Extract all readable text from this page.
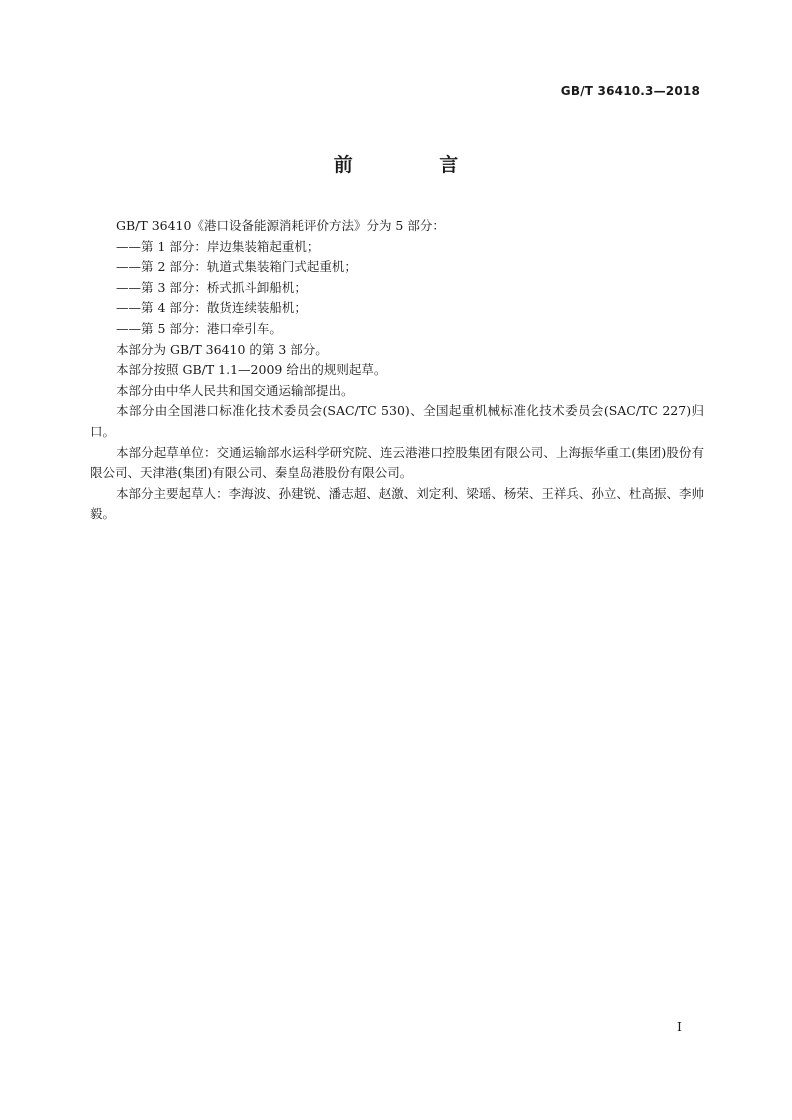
GB/T 36410.3—2018
前 言

GB/T 36410《港口设备能源消耗评价方法》分为 5 部分：

——第 1 部分：岸边集装箱起重机；

——第 2 部分：轨道式集装箱门式起重机；

——第 3 部分：桥式抓斗卸船机；

——第 4 部分：散货连续装船机；

——第 5 部分：港口牵引车。

本部分为 GB/T 36410 的第 3 部分。

本部分按照 GB/T 1.1—2009 给出的规则起草。

本部分由中华人民共和国交通运输部提出。

本部分由全国港口标准化技术委员会(SAC/TC 530)、全国起重机械标准化技术委员会(SAC/TC 227)归口。

本部分起草单位：交通运输部水运科学研究院、连云港港口控股集团有限公司、上海振华重工(集团)股份有限公司、天津港(集团)有限公司、秦皇岛港股份有限公司。

本部分主要起草人：李海波、孙建锐、潘志超、赵激、刘定利、梁瑶、杨荣、王祥兵、孙立、杜高振、李帅毅。

I
